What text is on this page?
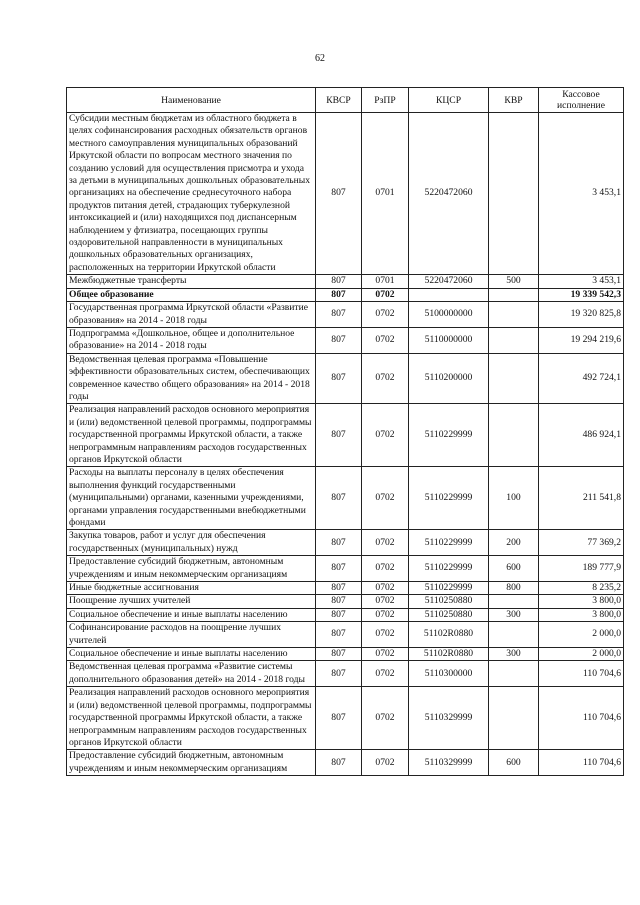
62
Наименование	КВСР	РзПР	КЦСР	КВР	Кассовое исполнение
Субсидии местным бюджетам из областного бюджета в целях софинансирования расходных обязательств органов местного самоуправления муниципальных образований Иркутской области по вопросам местного значения по созданию условий для осуществления присмотра и ухода за детьми в муниципальных дошкольных образовательных организациях на обеспечение среднесуточного набора продуктов питания детей, страдающих туберкулезной интоксикацией и (или) находящихся под диспансерным наблюдением у фтизиатра, посещающих группы оздоровительной направленности в муниципальных дошкольных образовательных организациях, расположенных на территории Иркутской области	807	0701	5220472060		3 453,1
Межбюджетные трансферты	807	0701	5220472060	500	3 453,1
Общее образование	807	0702			19 339 542,3
Государственная программа Иркутской области «Развитие образования» на 2014 - 2018 годы	807	0702	5100000000		19 320 825,8
Подпрограмма «Дошкольное, общее и дополнительное образование» на 2014 - 2018 годы	807	0702	5110000000		19 294 219,6
Ведомственная целевая программа «Повышение эффективности образовательных систем, обеспечивающих современное качество общего образования» на 2014 - 2018 годы	807	0702	5110200000		492 724,1
Реализация направлений расходов основного мероприятия и (или) ведомственной целевой программы, подпрограммы государственной программы Иркутской области, а также непрограммным направлениям расходов государственных органов Иркутской области	807	0702	5110229999		486 924,1
Расходы на выплаты персоналу в целях обеспечения выполнения функций государственными (муниципальными) органами, казенными учреждениями, органами управления государственными внебюджетными фондами	807	0702	5110229999	100	211 541,8
Закупка товаров, работ и услуг для обеспечения государственных (муниципальных) нужд	807	0702	5110229999	200	77 369,2
Предоставление субсидий бюджетным, автономным учреждениям и иным некоммерческим организациям	807	0702	5110229999	600	189 777,9
Иные бюджетные ассигнования	807	0702	5110229999	800	8 235,2
Поощрение лучших учителей	807	0702	5110250880		3 800,0
Социальное обеспечение и иные выплаты населению	807	0702	5110250880	300	3 800,0
Софинансирование расходов на поощрение лучших учителей	807	0702	51102R0880		2 000,0
Социальное обеспечение и иные выплаты населению	807	0702	51102R0880	300	2 000,0
Ведомственная целевая программа «Развитие системы дополнительного образования детей» на 2014 - 2018 годы	807	0702	5110300000		110 704,6
Реализация направлений расходов основного мероприятия и (или) ведомственной целевой программы, подпрограммы государственной программы Иркутской области, а также непрограммным направлениям расходов государственных органов Иркутской области	807	0702	5110329999		110 704,6
Предоставление субсидий бюджетным, автономным учреждениям и иным некоммерческим организациям	807	0702	5110329999	600	110 704,6
